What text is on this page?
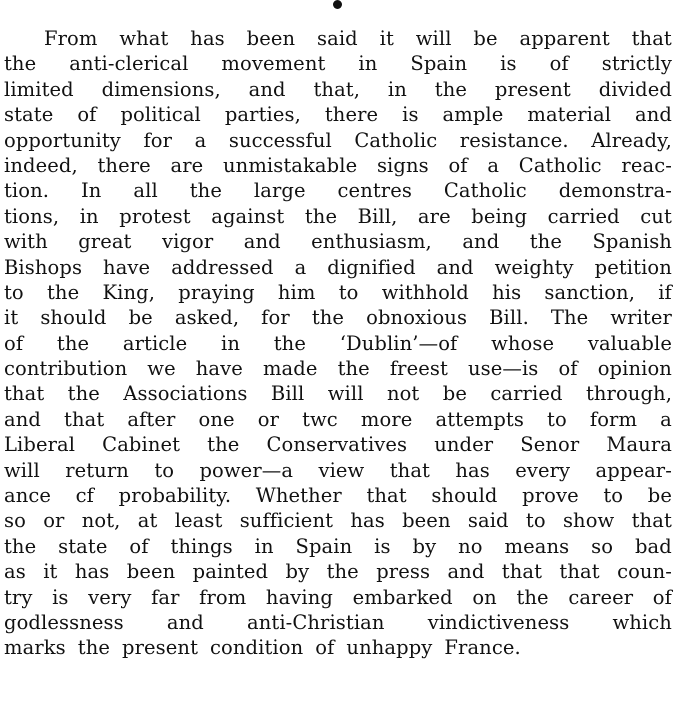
From what has been said it will be apparent that
the anti-clerical movement in Spain is of strictly
limited dimensions, and that, in the present divided
state of political parties, there is ample material and
opportunity for a successful Catholic resistance. Already,
indeed, there are unmistakable signs of a Catholic reac-
tion. In all the large centres Catholic demonstra-
tions, in protest against the Bill, are being carried cut
with great vigor and enthusiasm, and the Spanish
Bishops have addressed a dignified and weighty petition
to the King, praying him to withhold his sanction, if
it should be asked, for the obnoxious Bill. The writer
of the article in the ‘Dublin’—of whose valuable
contribution we have made the freest use—is of opinion
that the Associations Bill will not be carried through,
and that after one or twc more attempts to form a
Liberal Cabinet the Conservatives under Senor Maura
will return to power—a view that has every appear-
ance cf probability. Whether that should prove to be
so or not, at least sufficient has been said to show that
the state of things in Spain is by no means so bad
as it has been painted by the press and that that coun-
try is very far from having embarked on the career of
godlessness and anti-Christian vindictiveness which
marks the present condition of unhappy France.
